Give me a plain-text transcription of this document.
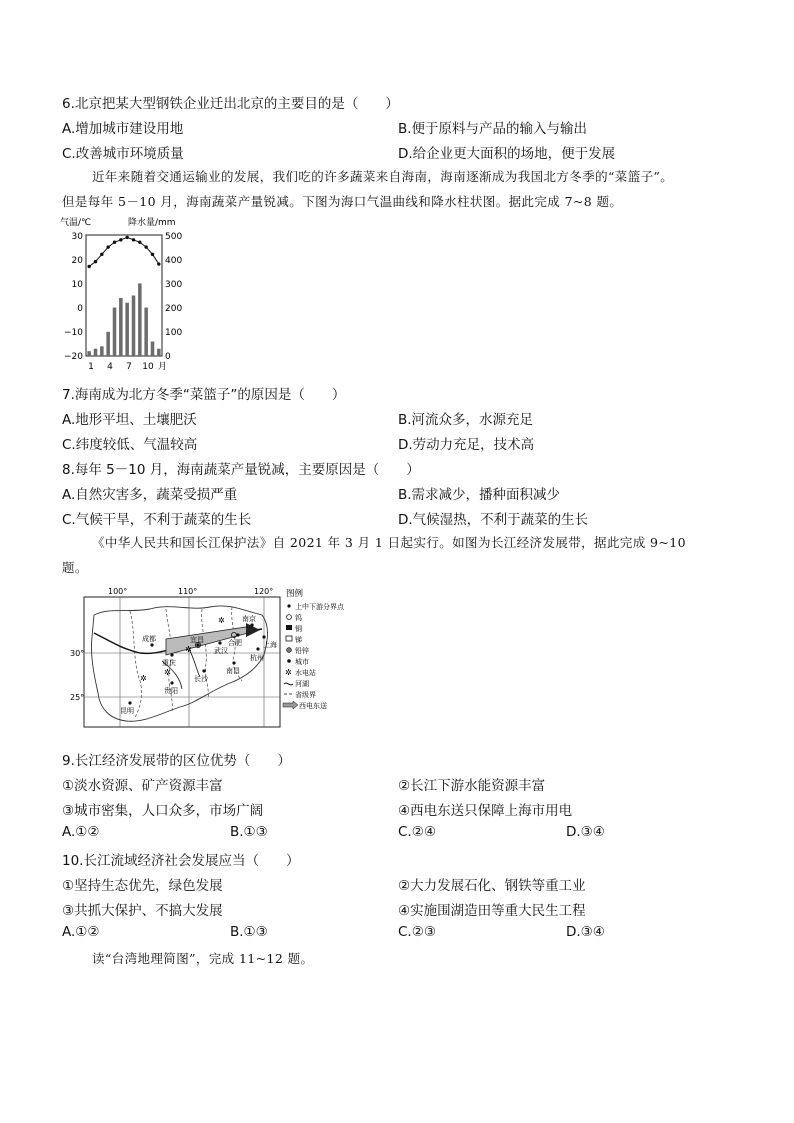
6.北京把某大型钢铁企业迁出北京的主要目的是（　　）
A.增加城市建设用地	B.便于原料与产品的输入与输出
C.改善城市环境质量	D.给企业更大面积的场地，便于发展
近年来随着交通运输业的发展，我们吃的许多蔬菜来自海南，海南逐渐成为我国北方冬季的“菜篮子”。
但是每年 5－10 月，海南蔬菜产量锐减。下图为海口气温曲线和降水柱状图。据此完成 7~8 题。
气温/℃	降水量/mm
30
20
10
0
−10
−20
500
400
300
200
100
0
1 4 7 10 月
7.海南成为北方冬季“菜篮子”的原因是（　　）
A.地形平坦、土壤肥沃	B.河流众多，水源充足
C.纬度较低、气温较高	D.劳动力充足，技术高
8.每年 5－10 月，海南蔬菜产量锐减，主要原因是（　　）
A.自然灾害多，蔬菜受损严重	B.需求减少，播种面积减少
C.气候干旱，不利于蔬菜的生长	D.气候湿热，不利于蔬菜的生长
《中华人民共和国长江保护法》自 2021 年 3 月 1 日起实行。如图为长江经济发展带，据此完成 9~10
题。
100°	110°	120°
30°
25°
南京
上海
武汉
宜昌
重庆
成都
长沙
贵阳
昆明
杭州
南昌
合肥
✲
✲
✲
✲
图例
上中下游分界点
钨
铜
锑
铅锌
城市
✲ 水电站
河湖
省级界
西电东送
9.长江经济发展带的区位优势（　　）
①淡水资源、矿产资源丰富	②长江下游水能资源丰富
③城市密集，人口众多，市场广阔	④西电东送只保障上海市用电
A.①②	B.①③	C.②④	D.③④
10.长江流域经济社会发展应当（　　）
①坚持生态优先，绿色发展	②大力发展石化、钢铁等重工业
③共抓大保护、不搞大发展	④实施围湖造田等重大民生工程
A.①②	B.①③	C.②③	D.③④
读“台湾地理简图”，完成 11~12 题。
